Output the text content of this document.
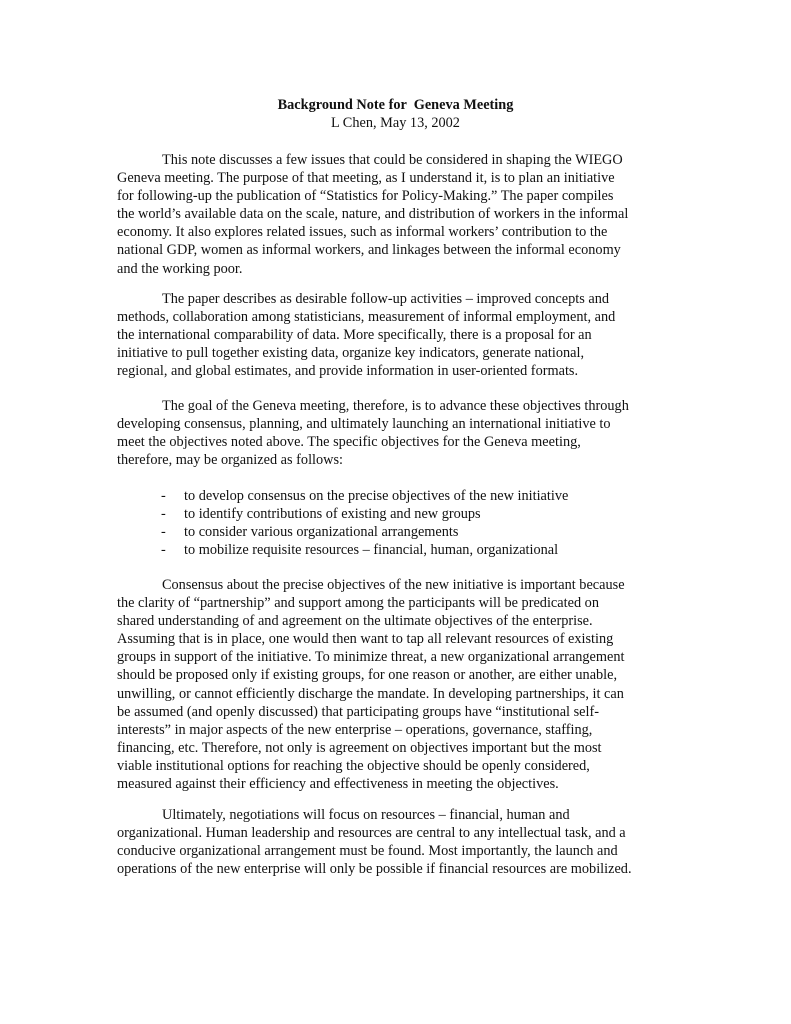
Background Note for  Geneva Meeting
L Chen, May 13, 2002
This note discusses a few issues that could be considered in shaping the WIEGO
Geneva meeting. The purpose of that meeting, as I understand it, is to plan an initiative
for following-up the publication of “Statistics for Policy-Making.” The paper compiles
the world’s available data on the scale, nature, and distribution of workers in the informal
economy. It also explores related issues, such as informal workers’ contribution to the
national GDP, women as informal workers, and linkages between the informal economy
and the working poor.
The paper describes as desirable follow-up activities – improved concepts and
methods, collaboration among statisticians, measurement of informal employment, and
the international comparability of data. More specifically, there is a proposal for an
initiative to pull together existing data, organize key indicators, generate national,
regional, and global estimates, and provide information in user-oriented formats.
The goal of the Geneva meeting, therefore, is to advance these objectives through
developing consensus, planning, and ultimately launching an international initiative to
meet the objectives noted above. The specific objectives for the Geneva meeting,
therefore, may be organized as follows:
- to develop consensus on the precise objectives of the new initiative
- to identify contributions of existing and new groups
- to consider various organizational arrangements
- to mobilize requisite resources – financial, human, organizational
Consensus about the precise objectives of the new initiative is important because
the clarity of “partnership” and support among the participants will be predicated on
shared understanding of and agreement on the ultimate objectives of the enterprise.
Assuming that is in place, one would then want to tap all relevant resources of existing
groups in support of the initiative. To minimize threat, a new organizational arrangement
should be proposed only if existing groups, for one reason or another, are either unable,
unwilling, or cannot efficiently discharge the mandate. In developing partnerships, it can
be assumed (and openly discussed) that participating groups have “institutional self-
interests” in major aspects of the new enterprise – operations, governance, staffing,
financing, etc. Therefore, not only is agreement on objectives important but the most
viable institutional options for reaching the objective should be openly considered,
measured against their efficiency and effectiveness in meeting the objectives.
Ultimately, negotiations will focus on resources – financial, human and
organizational. Human leadership and resources are central to any intellectual task, and a
conducive organizational arrangement must be found. Most importantly, the launch and
operations of the new enterprise will only be possible if financial resources are mobilized.
